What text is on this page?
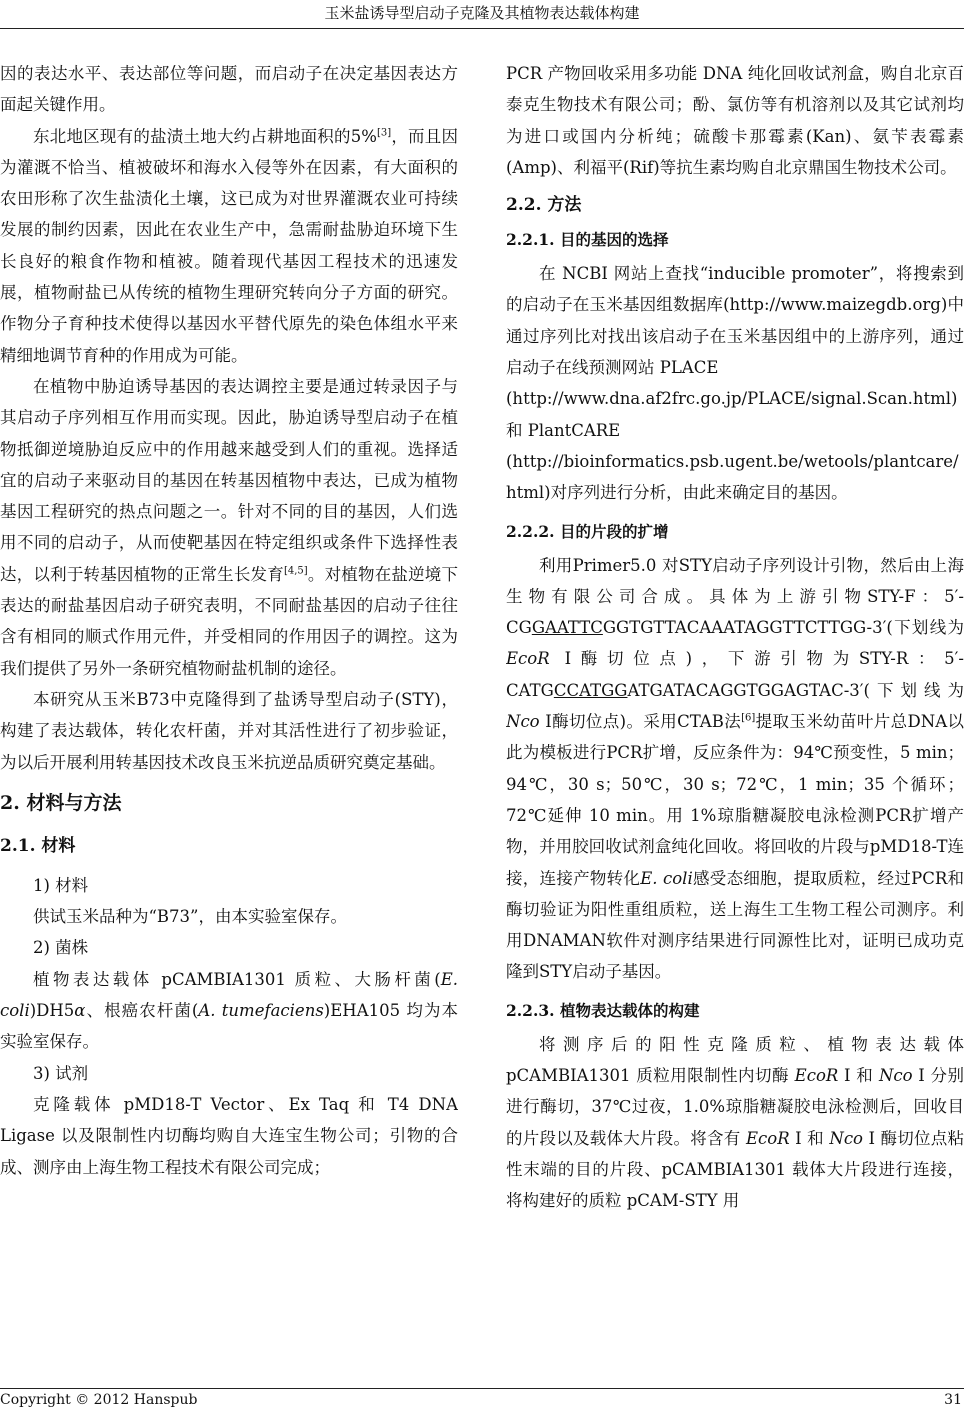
玉米盐诱导型启动子克隆及其植物表达载体构建

因的表达水平、表达部位等问题，而启动子在决定基因表达方面起关键作用。

东北地区现有的盐渍土地大约占耕地面积的5%[3]，而且因为灌溉不恰当、植被破坏和海水入侵等外在因素，有大面积的农田形称了次生盐渍化土壤，这已成为对世界灌溉农业可持续发展的制约因素，因此在农业生产中，急需耐盐胁迫环境下生长良好的粮食作物和植被。随着现代基因工程技术的迅速发展，植物耐盐已从传统的植物生理研究转向分子方面的研究。作物分子育种技术使得以基因水平替代原先的染色体组水平来精细地调节育种的作用成为可能。

在植物中胁迫诱导基因的表达调控主要是通过转录因子与其启动子序列相互作用而实现。因此，胁迫诱导型启动子在植物抵御逆境胁迫反应中的作用越来越受到人们的重视。选择适宜的启动子来驱动目的基因在转基因植物中表达，已成为植物基因工程研究的热点问题之一。针对不同的目的基因，人们选用不同的启动子，从而使靶基因在特定组织或条件下选择性表达，以利于转基因植物的正常生长发育[4,5]。对植物在盐逆境下表达的耐盐基因启动子研究表明，不同耐盐基因的启动子往往含有相同的顺式作用元件，并受相同的作用因子的调控。这为我们提供了另外一条研究植物耐盐机制的途径。

本研究从玉米B73中克隆得到了盐诱导型启动子(STY)，构建了表达载体，转化农杆菌，并对其活性进行了初步验证，为以后开展利用转基因技术改良玉米抗逆品质研究奠定基础。

2. 材料与方法
2.1. 材料

1) 材料

供试玉米品种为“B73”，由本实验室保存。

2) 菌株

植物表达载体 pCAMBIA1301 质粒、大肠杆菌(E. coli)DH5α、根癌农杆菌(A. tumefaciens)EHA105 均为本实验室保存。

3) 试剂

克隆载体 pMD18-T Vector、Ex Taq 和 T4 DNA Ligase 以及限制性内切酶均购自大连宝生物公司；引物的合成、测序由上海生物工程技术有限公司完成；

PCR 产物回收采用多功能 DNA 纯化回收试剂盒，购自北京百泰克生物技术有限公司；酚、氯仿等有机溶剂以及其它试剂均为进口或国内分析纯；硫酸卡那霉素(Kan)、氨苄表霉素(Amp)、利福平(Rif)等抗生素均购自北京鼎国生物技术公司。

2.2. 方法
2.2.1. 目的基因的选择

在 NCBI 网站上查找“inducible promoter”，将搜索到的启动子在玉米基因组数据库(http://www.maizegdb.org)中通过序列比对找出该启动子在玉米基因组中的上游序列，通过启动子在线预测网站 PLACE
(http://www.dna.af2frc.go.jp/PLACE/signal.Scan.html)
和 PlantCARE
(http://bioinformatics.psb.ugent.be/wetools/plantcare/html)对序列进行分析，由此来确定目的基因。

2.2.2. 目的片段的扩增

利用Primer5.0 对STY启动子序列设计引物，然后由上海生物有限公司合成。具体为上游引物STY-F：5′-CGGAATTCGGTGTTACAAATAGGTTCTTGG-3′(下划线为EcoR I酶切位点)，下游引物为STY-R：5′-CATGCCATGGATGATACAGGTGGAGTAC-3′(下划线为Nco I酶切位点)。采用CTAB法[6]提取玉米幼苗叶片总DNA以此为模板进行PCR扩增，反应条件为：94℃预变性，5 min；94℃，30 s；50℃，30 s；72℃，1 min；35 个循环；72℃延伸 10 min。用 1%琼脂糖凝胶电泳检测PCR扩增产物，并用胶回收试剂盒纯化回收。将回收的片段与pMD18-T连接，连接产物转化E. coli感受态细胞，提取质粒，经过PCR和酶切验证为阳性重组质粒，送上海生工生物工程公司测序。利用DNAMAN软件对测序结果进行同源性比对，证明已成功克隆到STY启动子基因。

2.2.3. 植物表达载体的构建

将测序后的阳性克隆质粒、植物表达载体 pCAMBIA1301 质粒用限制性内切酶 EcoR I 和 Nco I 分别进行酶切，37℃过夜，1.0%琼脂糖凝胶电泳检测后，回收目的片段以及载体大片段。将含有 EcoR I 和 Nco I 酶切位点粘性末端的目的片段、pCAMBIA1301 载体大片段进行连接，将构建好的质粒 pCAM-STY 用

Copyright © 2012 Hanspub	31
